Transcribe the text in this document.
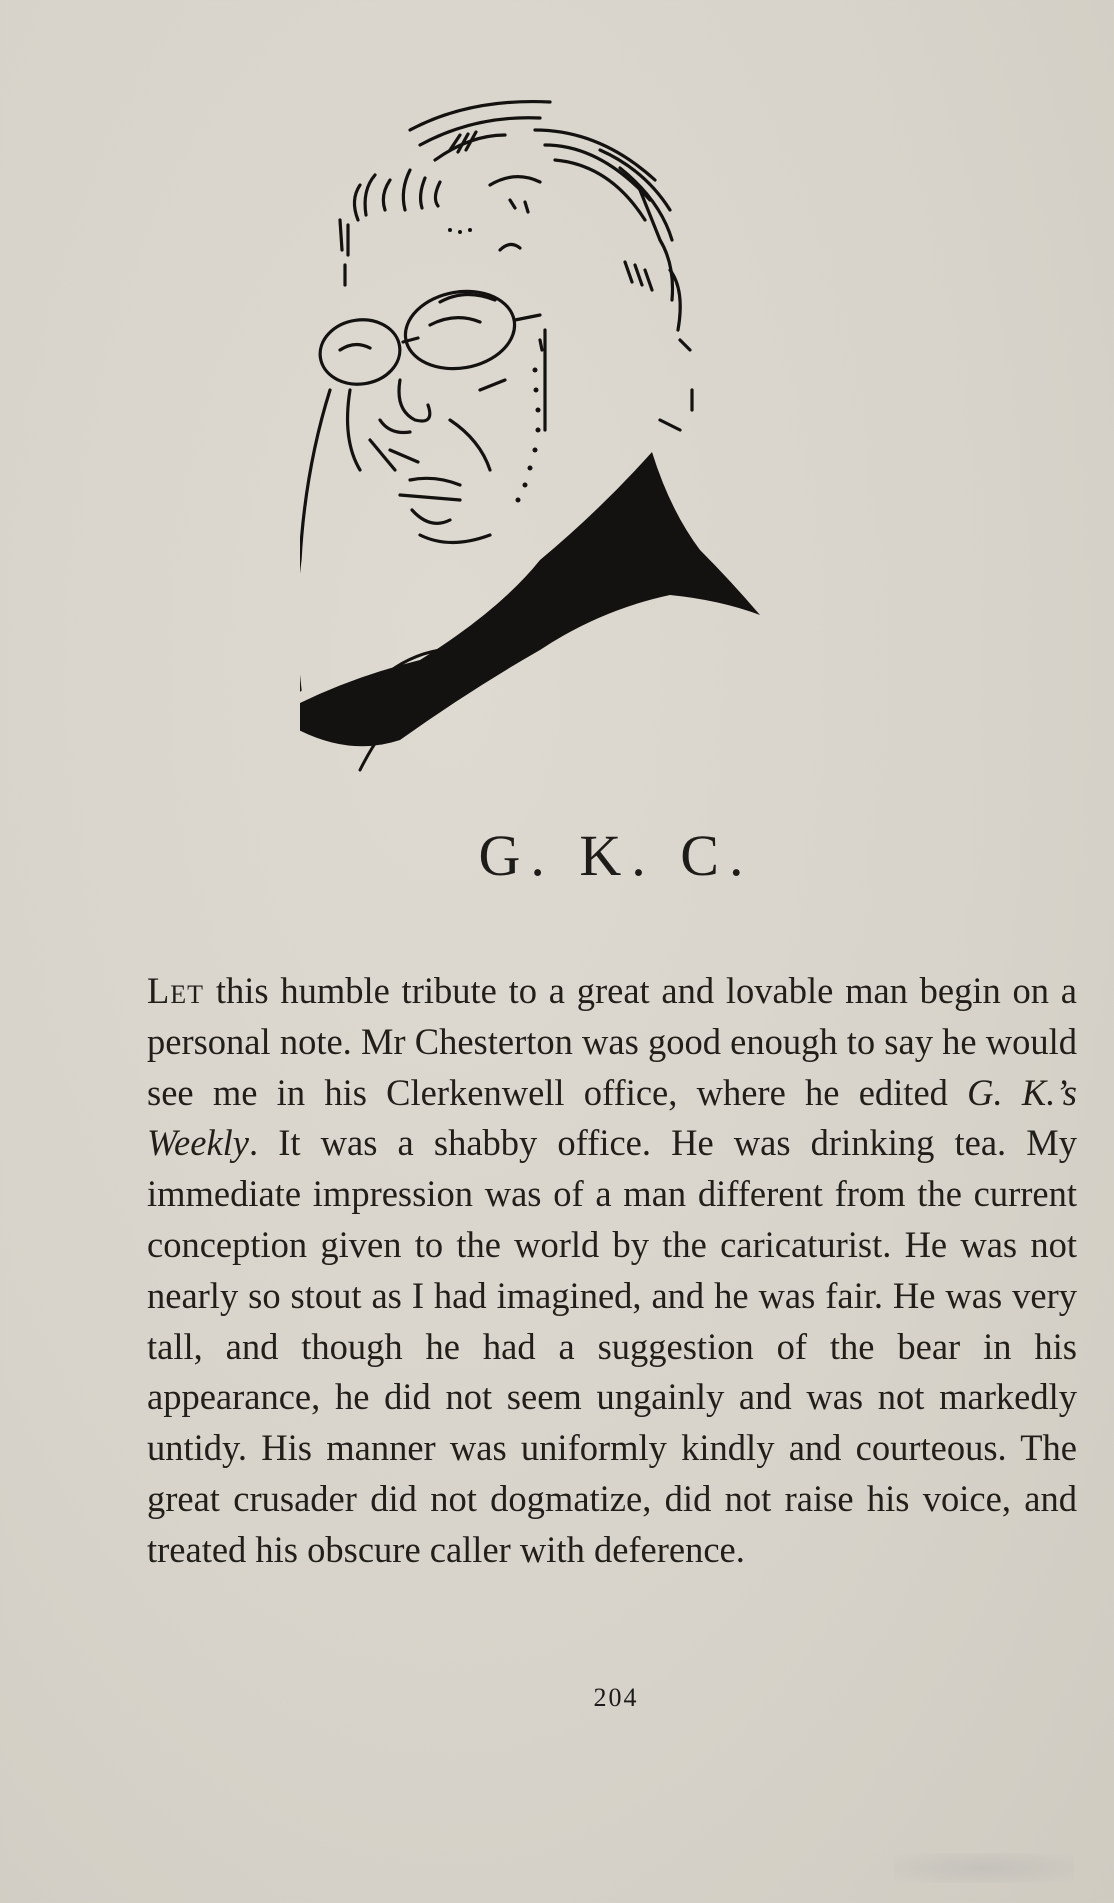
G. K. C.

Let this humble tribute to a great and lovable man begin on a personal note. Mr Chesterton was good enough to say he would see me in his Clerkenwell office, where he edited G. K.’s Weekly. It was a shabby office. He was drinking tea. My immediate impression was of a man different from the current conception given to the world by the caricaturist. He was not nearly so stout as I had imagined, and he was fair. He was very tall, and though he had a suggestion of the bear in his appearance, he did not seem ungainly and was not markedly untidy. His manner was uniformly kindly and courteous. The great crusader did not dogmatize, did not raise his voice, and treated his obscure caller with deference.

204
